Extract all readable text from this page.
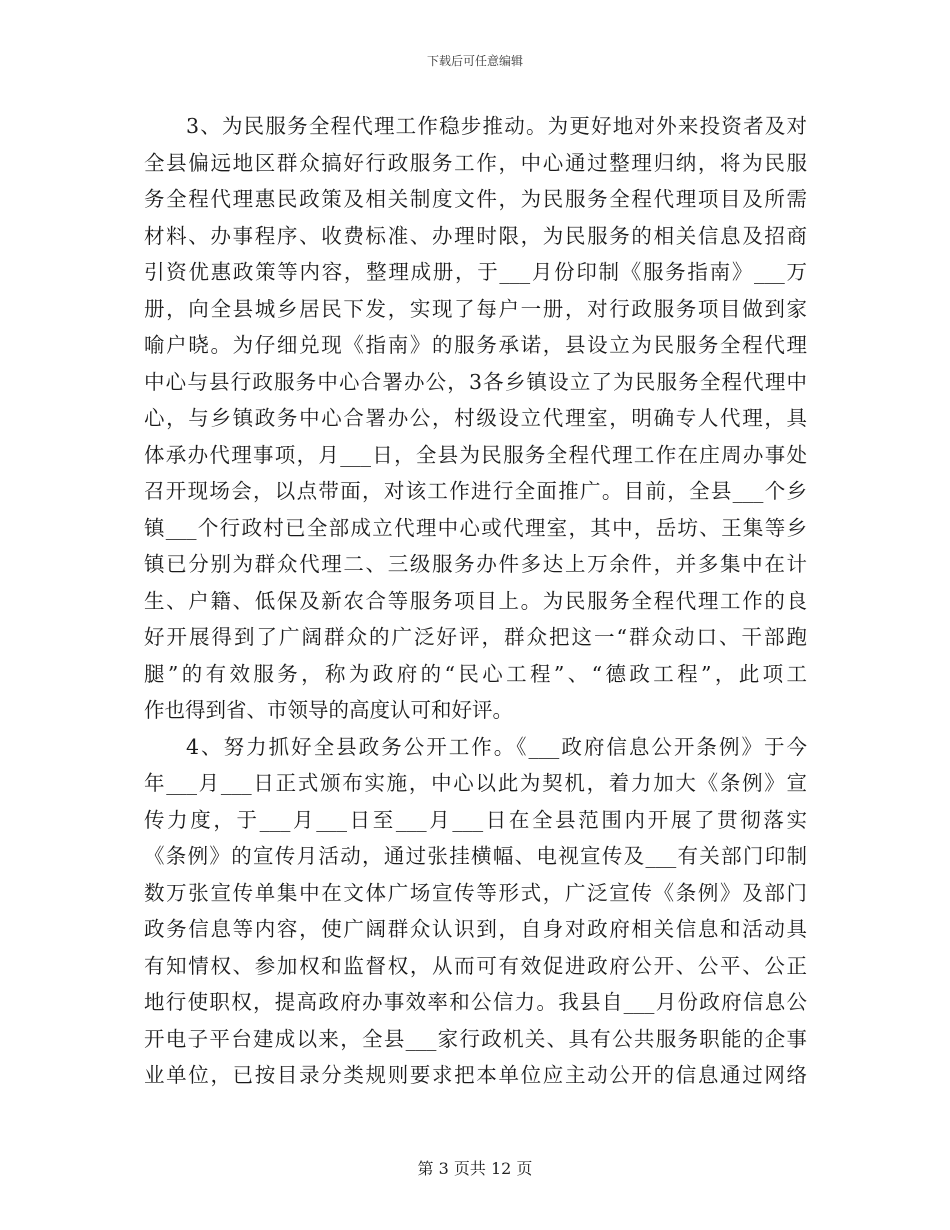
下载后可任意编辑
3、为民服务全程代理工作稳步推动。为更好地对外来投资者及对
全县偏远地区群众搞好行政服务工作，中心通过整理归纳，将为民服
务全程代理惠民政策及相关制度文件，为民服务全程代理项目及所需
材料、办事程序、收费标准、办理时限，为民服务的相关信息及招商
引资优惠政策等内容，整理成册，于___月份印制《服务指南》___万
册，向全县城乡居民下发，实现了每户一册，对行政服务项目做到家
喻户晓。为仔细兑现《指南》的服务承诺，县设立为民服务全程代理
中心与县行政服务中心合署办公，3各乡镇设立了为民服务全程代理中
心，与乡镇政务中心合署办公，村级设立代理室，明确专人代理，具
体承办代理事项，月___日，全县为民服务全程代理工作在庄周办事处
召开现场会，以点带面，对该工作进行全面推广。目前，全县___个乡
镇___个行政村已全部成立代理中心或代理室，其中，岳坊、王集等乡
镇已分别为群众代理二、三级服务办件多达上万余件，并多集中在计
生、户籍、低保及新农合等服务项目上。为民服务全程代理工作的良
好开展得到了广阔群众的广泛好评，群众把这一“群众动口、干部跑
腿”的有效服务，称为政府的“民心工程”、“德政工程”，此项工
作也得到省、市领导的高度认可和好评。
4、努力抓好全县政务公开工作。《___政府信息公开条例》于今
年___月___日正式颁布实施，中心以此为契机，着力加大《条例》宣
传力度，于___月___日至___月___日在全县范围内开展了贯彻落实
《条例》的宣传月活动，通过张挂横幅、电视宣传及___有关部门印制
数万张宣传单集中在文体广场宣传等形式，广泛宣传《条例》及部门
政务信息等内容，使广阔群众认识到，自身对政府相关信息和活动具
有知情权、参加权和监督权，从而可有效促进政府公开、公平、公正
地行使职权，提高政府办事效率和公信力。我县自___月份政府信息公
开电子平台建成以来，全县___家行政机关、具有公共服务职能的企事
业单位，已按目录分类规则要求把本单位应主动公开的信息通过网络
第 3 页共 12 页
